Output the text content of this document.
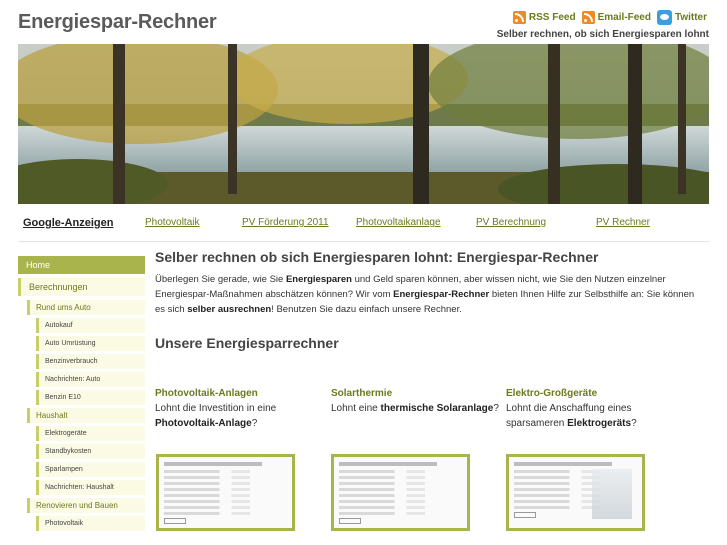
Energiespar-Rechner	RSS Feed Email-Feed Twitter
Selber rechnen, ob sich Energiesparen lohnt
Google-Anzeigen	Photovoltaik	PV Förderung 2011	Photovoltaikanlage	PV Berechnung	PV Rechner
Home
Berechnungen
Rund ums Auto
Autokauf
Auto Umrüstung
Benzinverbrauch
Nachrichten: Auto
Benzin E10
Haushalt
Elektrogeräte
Standbykosten
Sparlampen
Nachrichten: Haushalt
Renovieren und Bauen
Photovoltaik
Selber rechnen ob sich Energiesparen lohnt: Energiespar-Rechner

Überlegen Sie gerade, wie Sie Energiesparen und Geld sparen können, aber wissen nicht, wie Sie den Nutzen einzelner Energiespar-Maßnahmen abschätzen können? Wir vom Energiespar-Rechner bieten Ihnen Hilfe zur Selbsthilfe an: Sie können es sich selber ausrechnen! Benutzen Sie dazu einfach unsere Rechner.

Unsere Energiesparrechner
Photovoltaik-Anlagen
Lohnt die Investition in eine Photovoltaik-Anlage?
Solarthermie
Lohnt eine thermische Solaranlage?
Elektro-Großgeräte
Lohnt die Anschaffung eines sparsameren Elektrogeräts?
